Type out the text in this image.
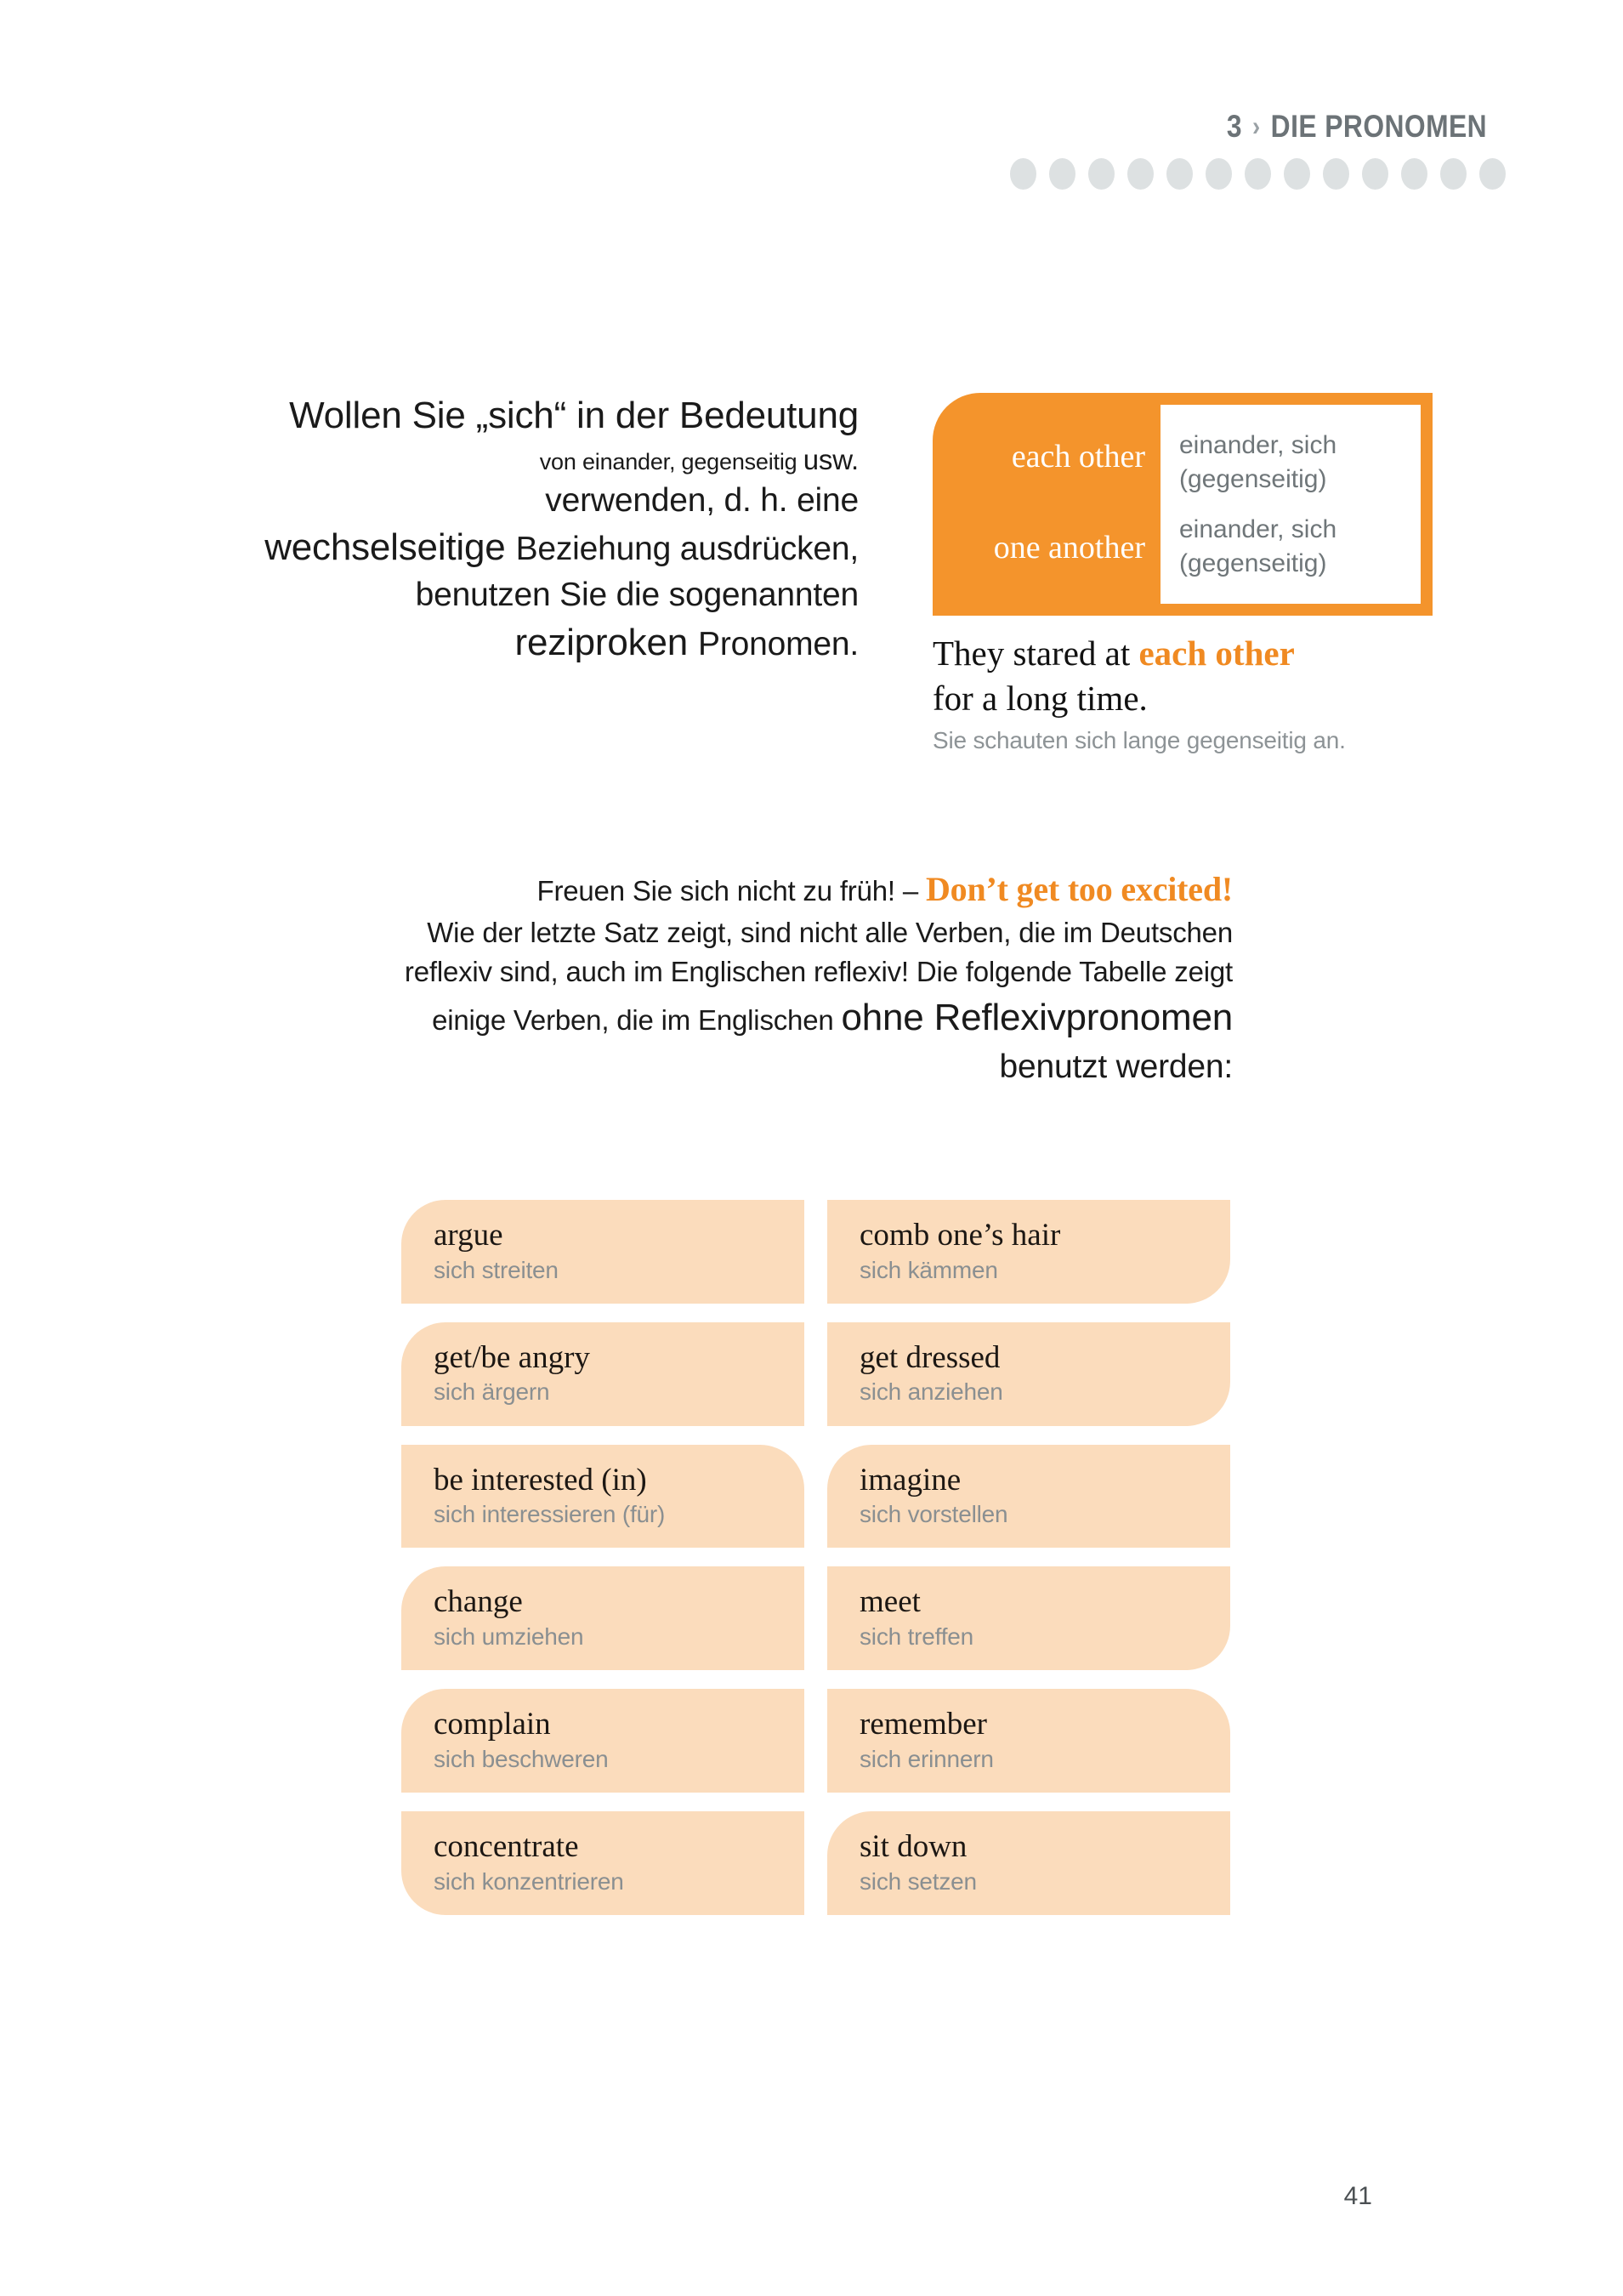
3 › DIE PRONOMEN
Wollen Sie „sich“ in der Bedeutung
von einander, gegenseitig usw.
verwenden, d. h. eine
wechselseitige Beziehung ausdrücken,
benutzen Sie die sogenannten
reziproken Pronomen.
each other
one another
einander, sich
(gegenseitig)
einander, sich
(gegenseitig)
They stared at each other
for a long time.
Sie schauten sich lange gegenseitig an.
Freuen Sie sich nicht zu früh! – Don’t get too excited!
Wie der letzte Satz zeigt, sind nicht alle Verben, die im Deutschen
reflexiv sind, auch im Englischen reflexiv! Die folgende Tabelle zeigt
einige Verben, die im Englischen ohne Reflexivpronomen
benutzt werden:
argue
sich streiten
comb one’s hair
sich kämmen
get/be angry
sich ärgern
get dressed
sich anziehen
be interested (in)
sich interessieren (für)
imagine
sich vorstellen
change
sich umziehen
meet
sich treffen
complain
sich beschweren
remember
sich erinnern
concentrate
sich konzentrieren
sit down
sich setzen
41
